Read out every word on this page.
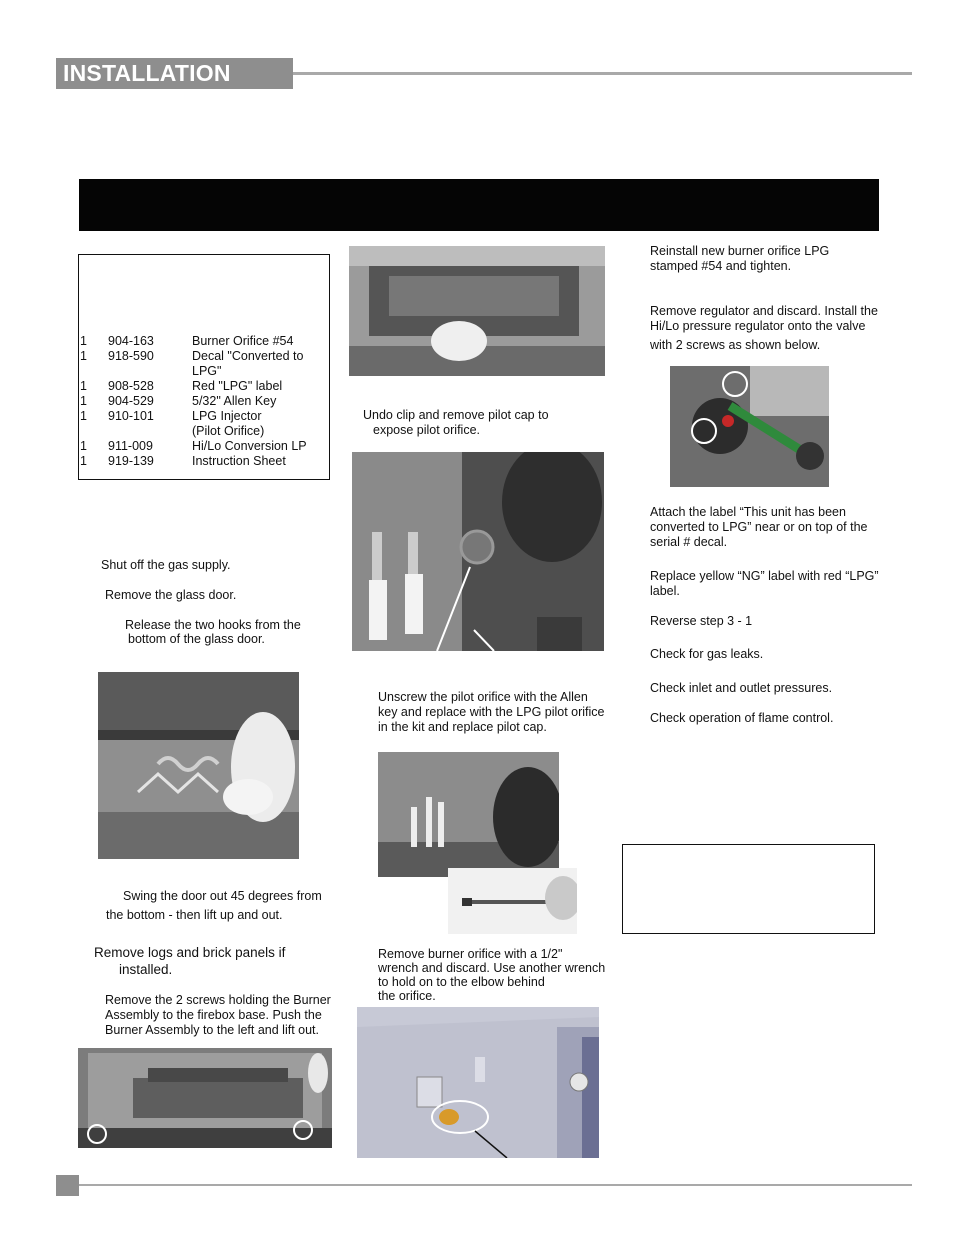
INSTALLATION
1 904-163	Burner Orifice #54
1 918-590	Decal "Converted to
LPG"
1 908-528	Red "LPG" label
1 904-529	5/32" Allen Key
1 910-101	LPG Injector
(Pilot Orifice)
1 911-009	Hi/Lo Conversion LP
1 919-139	Instruction Sheet
Shut off the gas supply.
Remove the glass door.
Release the two hooks from the
bottom of the glass door.
Swing the door out 45 degrees from
the bottom - then lift up and out.
Remove logs and brick panels if
installed.
Remove the 2 screws holding the Burner
Assembly to the firebox base. Push the
Burner Assembly to the left and lift out.
Undo clip and remove pilot cap to
expose pilot orifice.
Unscrew the pilot orifice with the Allen
key and replace with the LPG pilot orifice
in the kit and replace pilot cap.
Remove burner orifice with a 1/2"
wrench and discard. Use another wrench
to hold on to the elbow behind
the orifice.
Reinstall new burner orifice LPG
stamped #54 and tighten.
Remove regulator and discard. Install the
Hi/Lo pressure regulator onto the valve
with 2 screws as shown below.
Attach the label “This unit has been
converted to LPG” near or on top of the
serial # decal.
Replace yellow “NG” label with red “LPG”
label.
Reverse step 3 - 1
Check for gas leaks.
Check inlet and outlet pressures.
Check operation of flame control.
